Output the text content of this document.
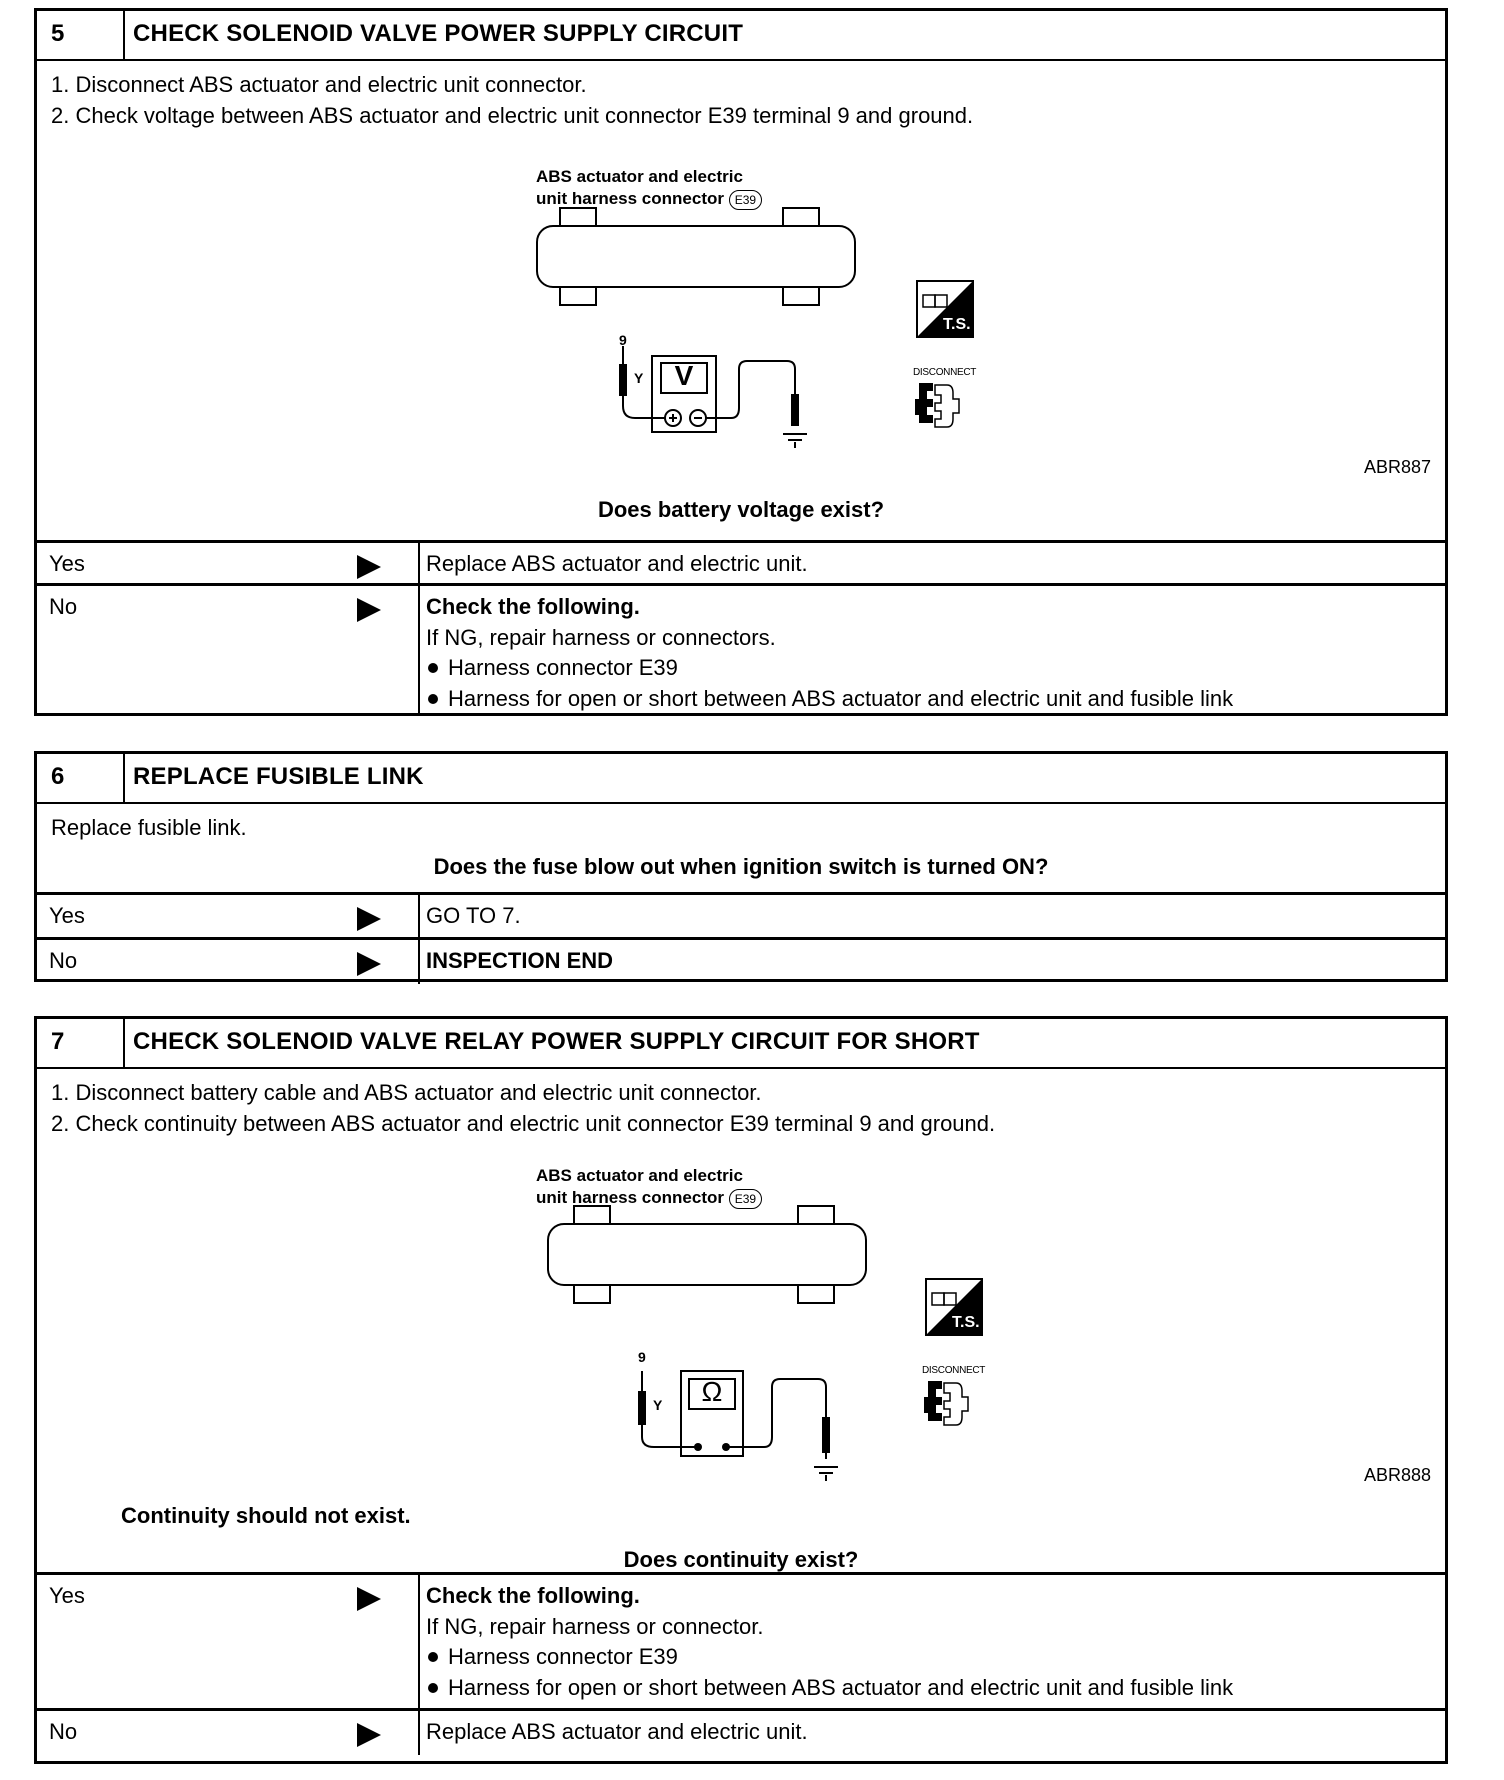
5	CHECK SOLENOID VALVE POWER SUPPLY CIRCUIT
1. Disconnect ABS actuator and electric unit connector.
2. Check voltage between ABS actuator and electric unit connector E39 terminal 9 and ground.
ABS actuator and electric
unit harness connector E39
9
Y	V
T.S.
DISCONNECT
ABR887
Does battery voltage exist?
Yes	Replace ABS actuator and electric unit.
No	Check the following.
If NG, repair harness or connectors.
Harness connector E39
Harness for open or short between ABS actuator and electric unit and fusible link
6	REPLACE FUSIBLE LINK
Replace fusible link.
Does the fuse blow out when ignition switch is turned ON?
Yes	GO TO 7.
No	INSPECTION END
7	CHECK SOLENOID VALVE RELAY POWER SUPPLY CIRCUIT FOR SHORT
1. Disconnect battery cable and ABS actuator and electric unit connector.
2. Check continuity between ABS actuator and electric unit connector E39 terminal 9 and ground.
ABS actuator and electric
unit harness connector E39
9
Y	Ω
T.S.
DISCONNECT
ABR888
Continuity should not exist.
Does continuity exist?
Yes	Check the following.
If NG, repair harness or connector.
Harness connector E39
Harness for open or short between ABS actuator and electric unit and fusible link
No	Replace ABS actuator and electric unit.
